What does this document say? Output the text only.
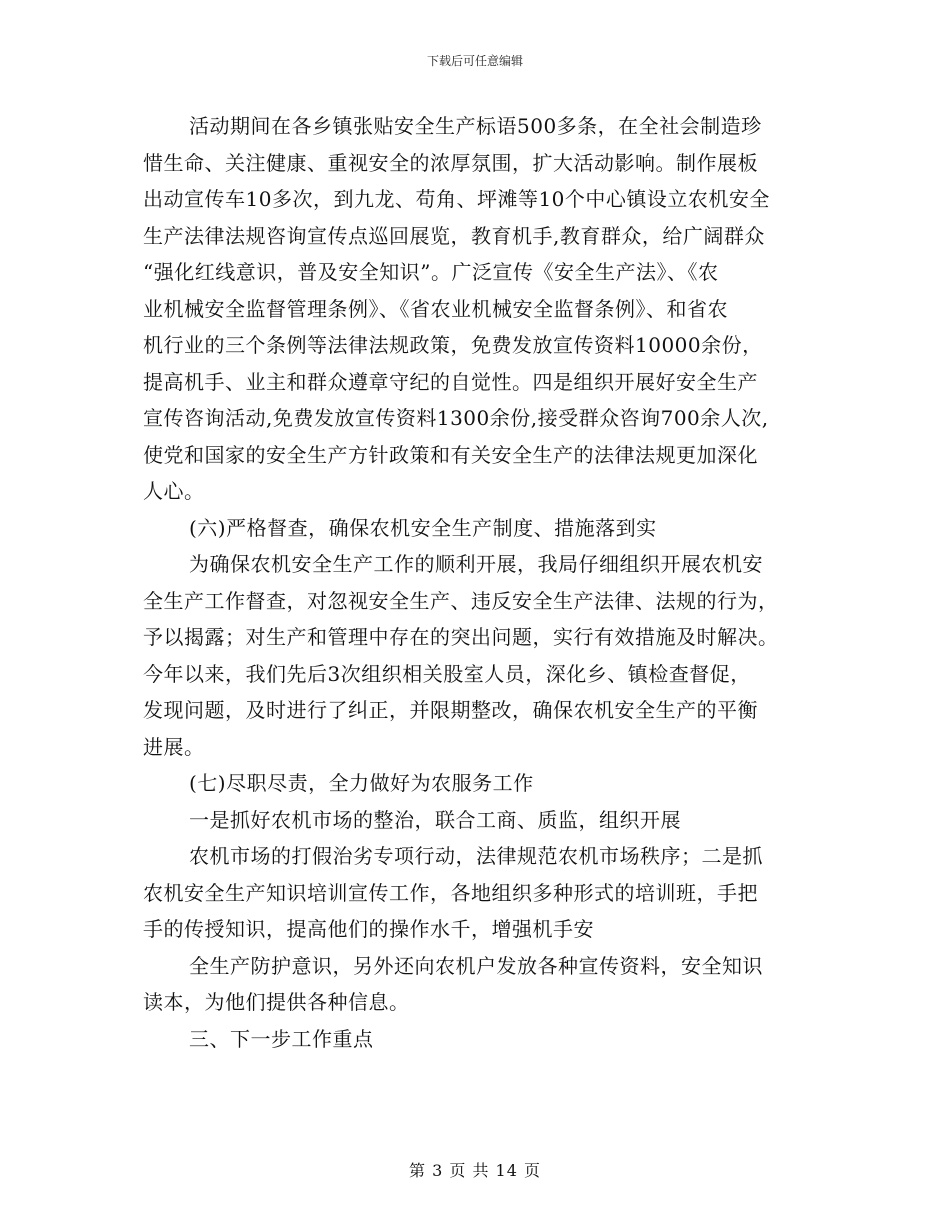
下载后可任意编辑
活动期间在各乡镇张贴安全生产标语500多条，在全社会制造珍
惜生命、关注健康、重视安全的浓厚氛围，扩大活动影响。制作展板
出动宣传车10多次，到九龙、苟角、坪滩等10个中心镇设立农机安全
生产法律法规咨询宣传点巡回展览，教育机手,教育群众，给广阔群众
“强化红线意识，普及安全知识”。广泛宣传《安全生产法》、《农
业机械安全监督管理条例》、《省农业机械安全监督条例》、和省农
机行业的三个条例等法律法规政策，免费发放宣传资料10000余份，
提高机手、业主和群众遵章守纪的自觉性。四是组织开展好安全生产
宣传咨询活动,免费发放宣传资料1300余份,接受群众咨询700余人次,
使党和国家的安全生产方针政策和有关安全生产的法律法规更加深化
人心。
(六)严格督查，确保农机安全生产制度、措施落到实
为确保农机安全生产工作的顺利开展，我局仔细组织开展农机安
全生产工作督查，对忽视安全生产、违反安全生产法律、法规的行为，
予以揭露；对生产和管理中存在的突出问题，实行有效措施及时解决。
今年以来，我们先后3次组织相关股室人员，深化乡、镇检查督促，
发现问题，及时进行了纠正，并限期整改，确保农机安全生产的平衡
进展。
(七)尽职尽责，全力做好为农服务工作
一是抓好农机市场的整治，联合工商、质监，组织开展
农机市场的打假治劣专项行动，法律规范农机市场秩序；二是抓
农机安全生产知识培训宣传工作，各地组织多种形式的培训班，手把
手的传授知识，提高他们的操作水千，增强机手安
全生产防护意识，另外还向农机户发放各种宣传资料，安全知识
读本，为他们提供各种信息。
三、下一步工作重点
第 3 页 共 14 页
